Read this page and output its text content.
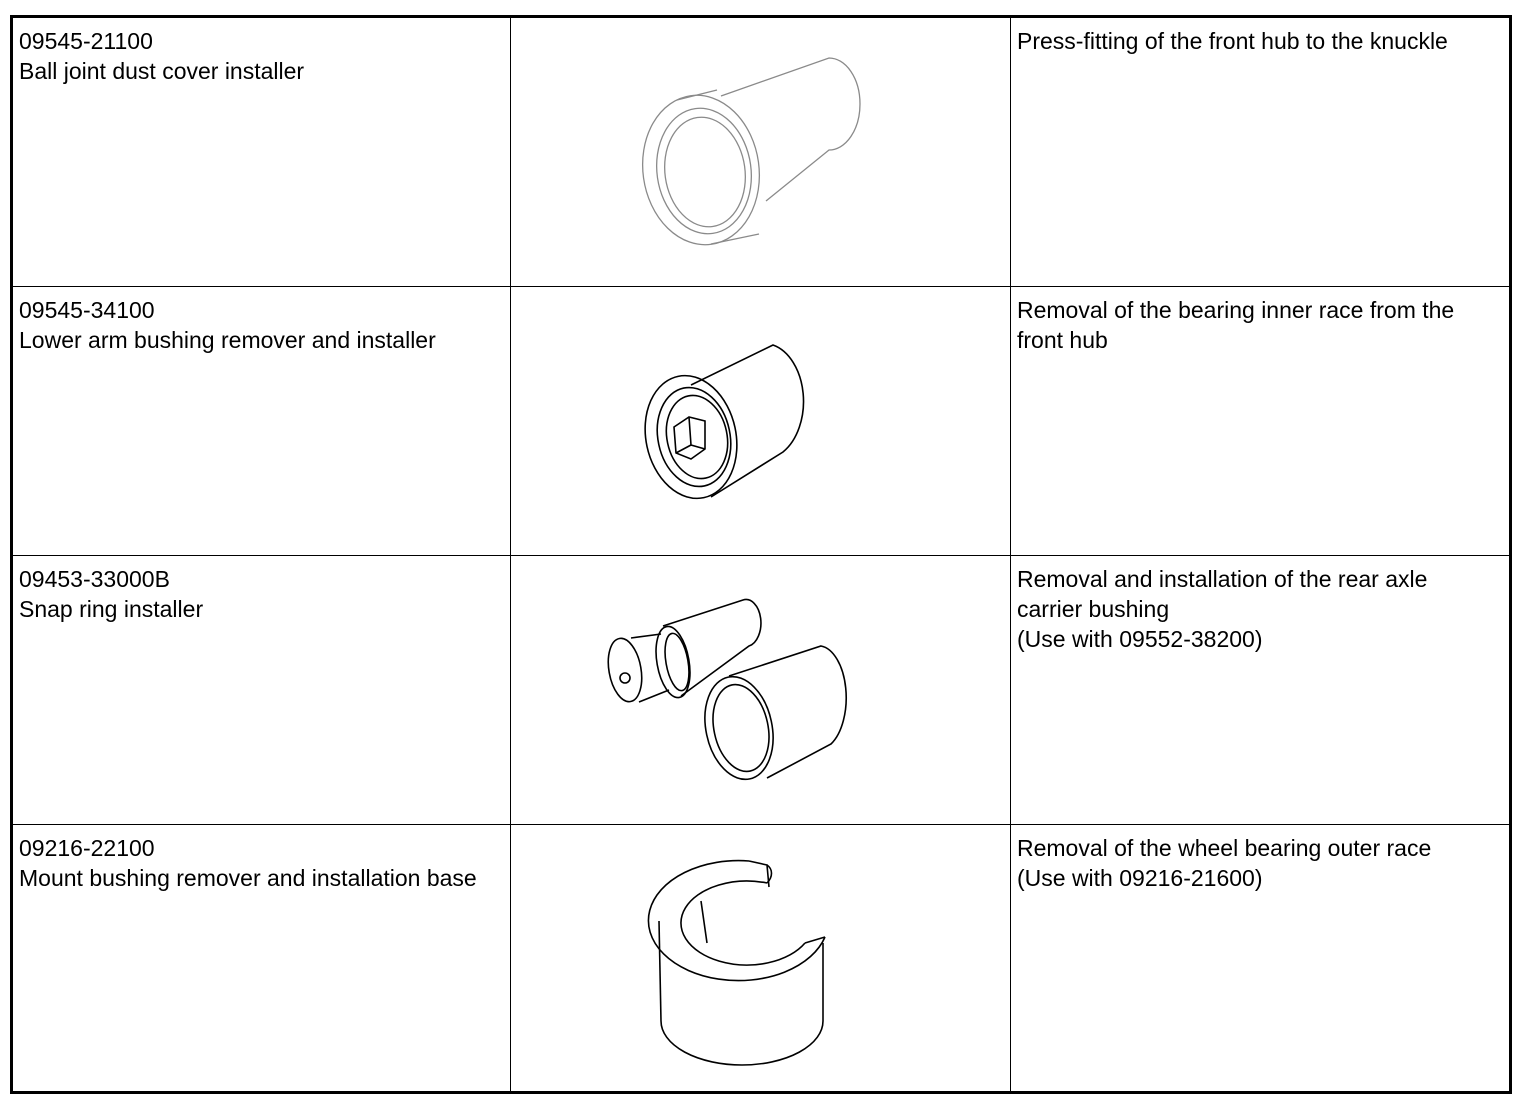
09545-21100
Ball joint dust cover installer		Press-fitting of the front hub to the knuckle

09545-34100
Lower arm bushing remover and installer		Removal of the bearing inner race from the
front hub

09453-33000B
Snap ring installer		Removal and installation of the rear axle
carrier bushing
(Use with 09552-38200)

09216-22100
Mount bushing remover and installation base		Removal of the wheel bearing outer race
(Use with 09216-21600)
